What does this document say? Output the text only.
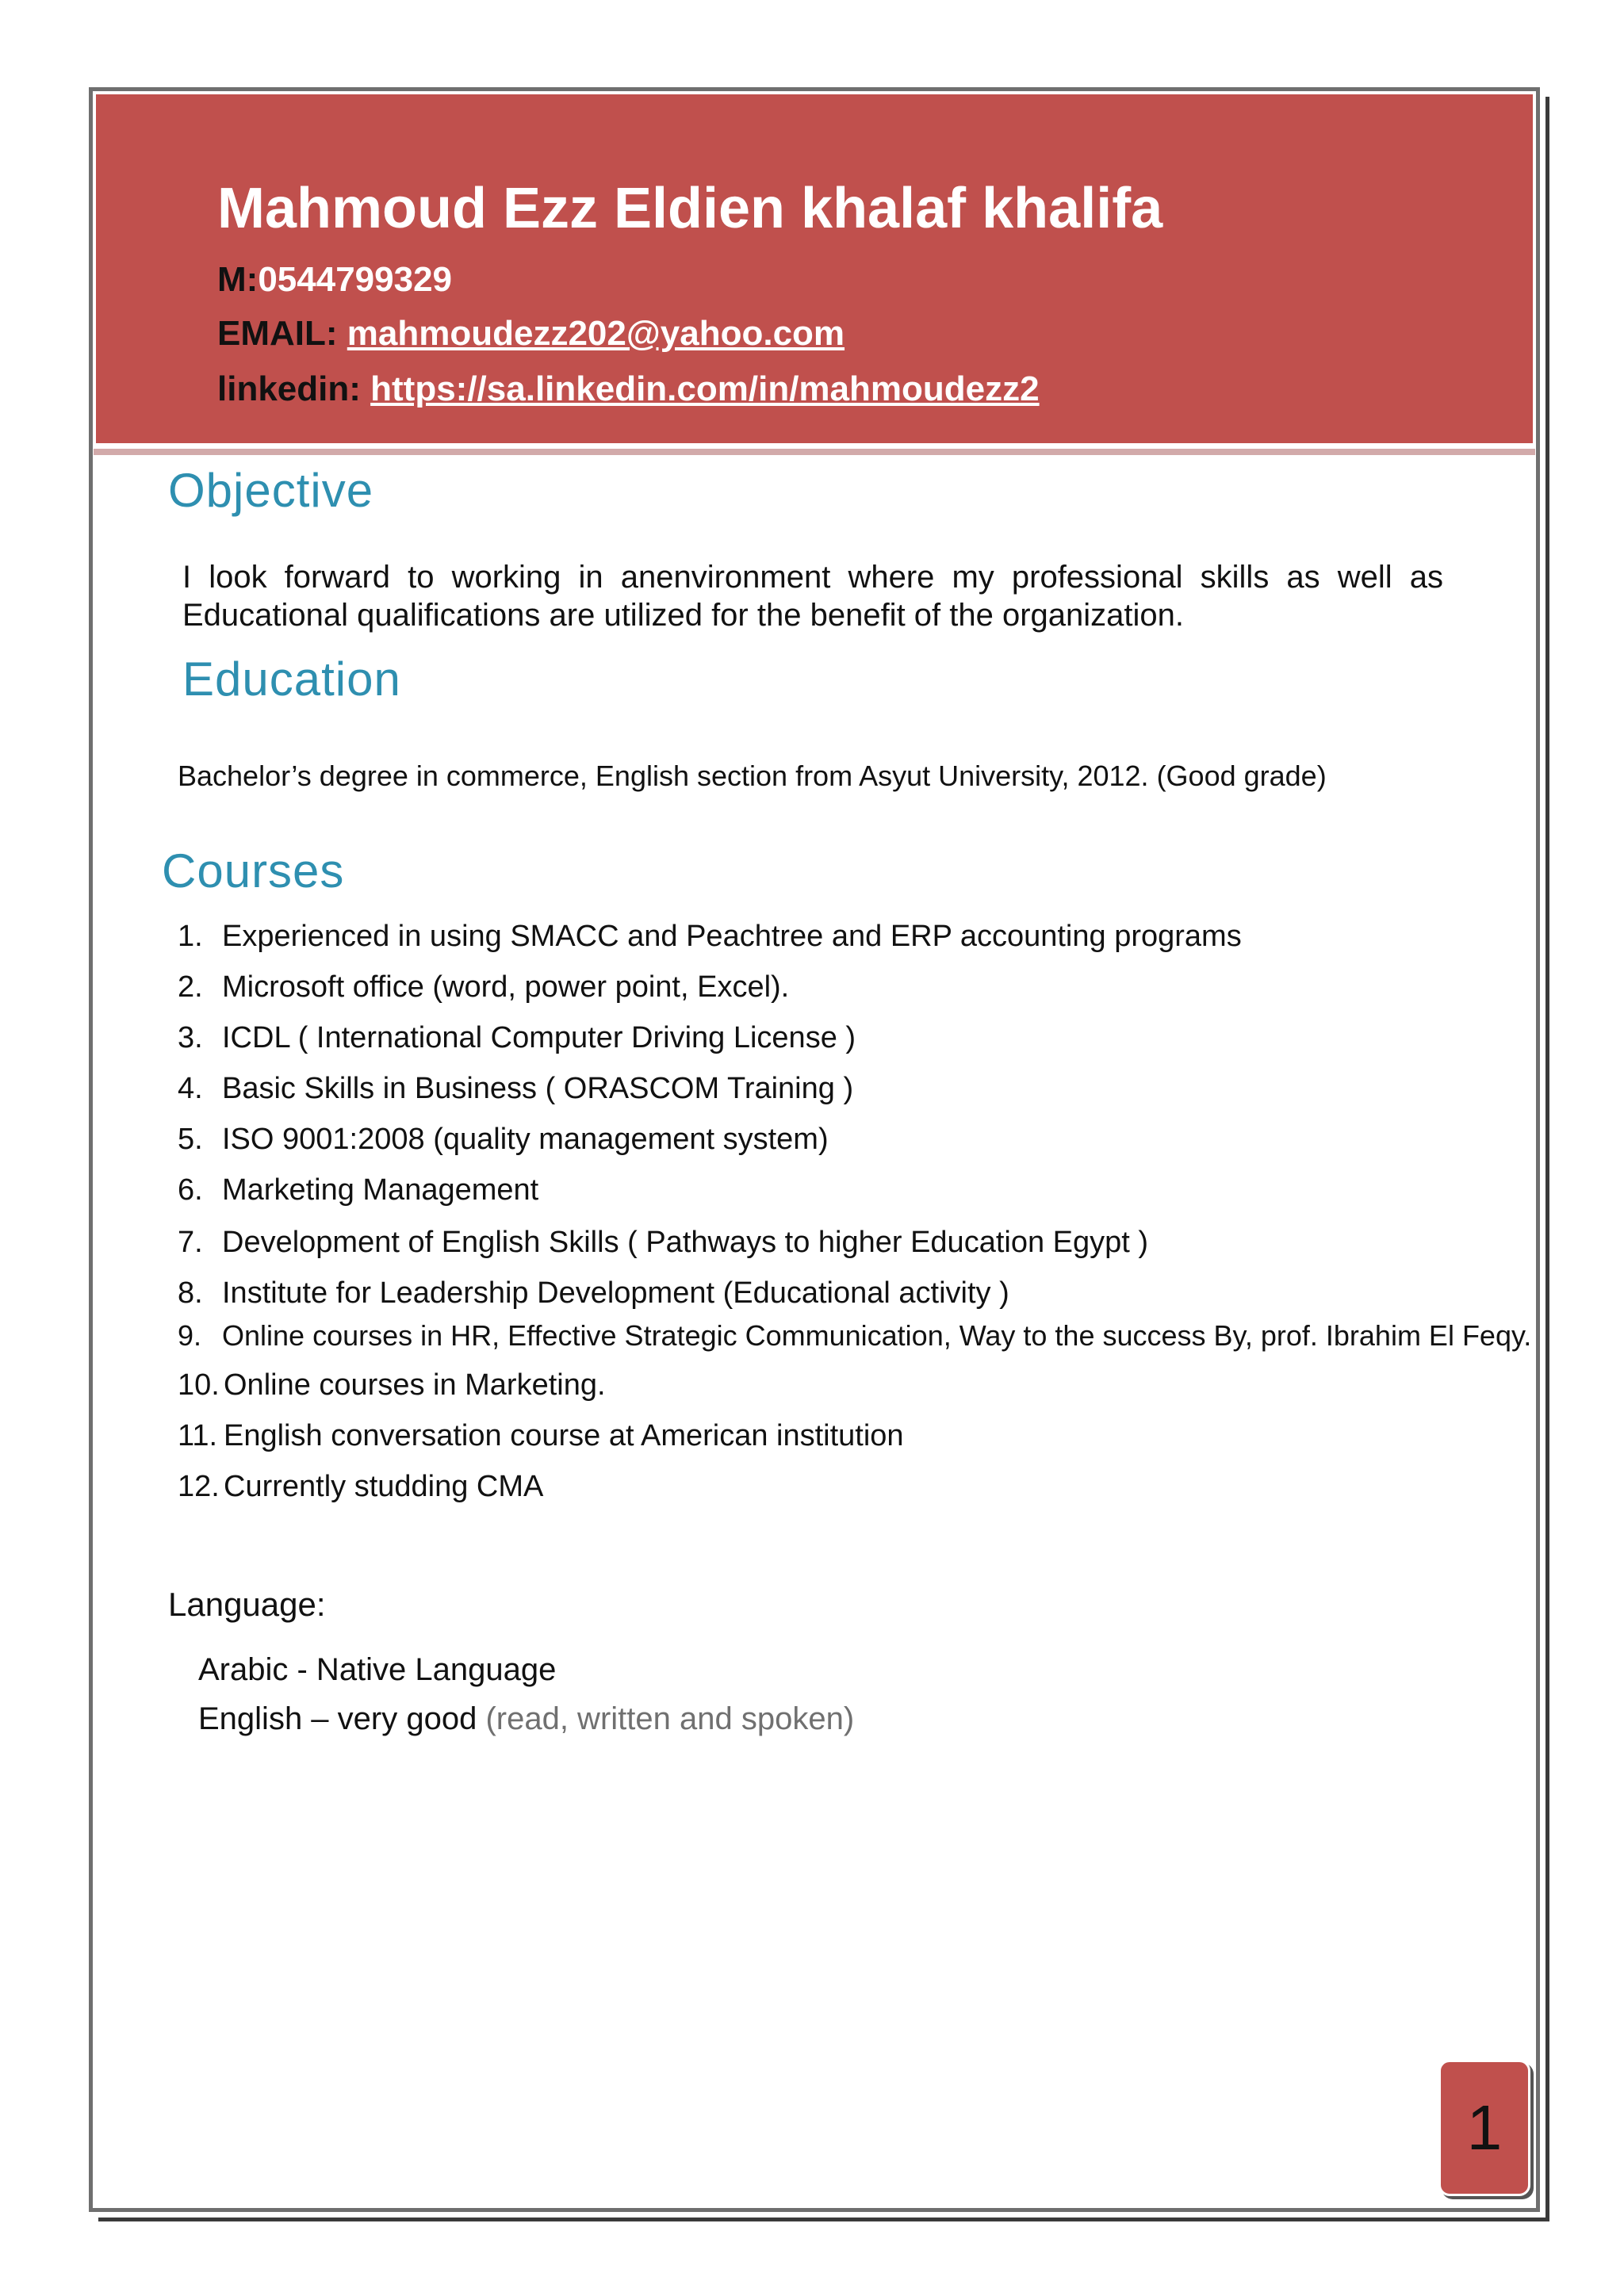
Mahmoud Ezz Eldien khalaf khalifa
M:0544799329
EMAIL: mahmoudezz202@yahoo.com
linkedin: https://sa.linkedin.com/in/mahmoudezz2
Objective
I look forward to working in anenvironment where my professional skills as well as Educational qualifications are utilized for the benefit of the organization.
Education
Bachelor’s degree in commerce, English section from Asyut University, 2012. (Good grade)
Courses
1. Experienced in using SMACC and Peachtree and ERP accounting programs
2. Microsoft office (word, power point, Excel).
3. ICDL ( International Computer Driving License )
4. Basic Skills in Business ( ORASCOM Training )
5. ISO 9001:2008 (quality management system)
6. Marketing Management
7. Development of English Skills ( Pathways to higher Education Egypt )
8. Institute for Leadership Development (Educational activity )
9. Online courses in HR, Effective Strategic Communication, Way to the success By, prof. Ibrahim El Feqy.
10. Online courses in Marketing.
11. English conversation course at American institution
12. Currently studding CMA
Language:
Arabic - Native Language
English – very good (read, written and spoken)
1
